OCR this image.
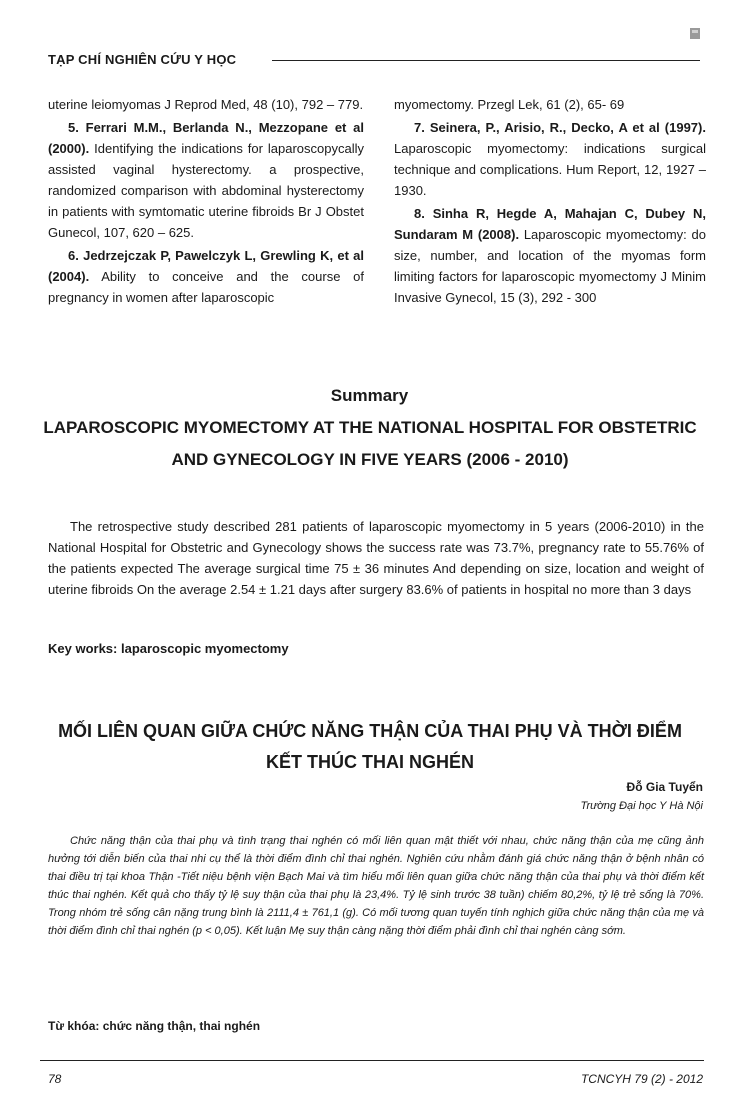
TẠP CHÍ NGHIÊN CỨU Y HỌC

uterine leiomyomas J Reprod Med, 48 (10), 792 – 779.

5. Ferrari M.M., Berlanda N., Mezzopane et al (2000). Identifying the indications for laparoscopycally assisted vaginal hysterectomy. a prospective, randomized comparison with abdominal hysterectomy in patients with symtomatic uterine fibroids Br J Obstet Gunecol, 107, 620 – 625.

6. Jedrzejczak P, Pawelczyk L, Grewling K, et al (2004). Ability to conceive and the course of pregnancy in women after laparoscopic

myomectomy. Przegl Lek, 61 (2), 65- 69

7. Seinera, P., Arisio, R., Decko, A et al (1997). Laparoscopic myomectomy: indications surgical technique and complications. Hum Report, 12, 1927 – 1930.

8. Sinha R, Hegde A, Mahajan C, Dubey N, Sundaram M (2008). Laparoscopic myomectomy: do size, number, and location of the myomas form limiting factors for laparoscopic myomectomy J Minim Invasive Gynecol, 15 (3), 292 - 300

Summary
LAPAROSCOPIC MYOMECTOMY AT THE NATIONAL HOSPITAL FOR OBSTETRIC AND GYNECOLOGY IN FIVE YEARS (2006 - 2010)

The retrospective study described 281 patients of laparoscopic myomectomy in 5 years (2006-2010) in the National Hospital for Obstetric and Gynecology shows the success rate was 73.7%, pregnancy rate to 55.76% of the patients expected The average surgical time 75 ± 36 minutes And depending on size, location and weight of uterine fibroids On the average 2.54 ± 1.21 days after surgery 83.6% of patients in hospital no more than 3 days

Key works: laparoscopic myomectomy
MỐI LIÊN QUAN GIỮA CHỨC NĂNG THẬN CỦA THAI PHỤ VÀ THỜI ĐIỂM KẾT THÚC THAI NGHÉN
Đỗ Gia Tuyển
Trường Đại học Y Hà Nội

Chức năng thận của thai phụ và tình trạng thai nghén có mối liên quan mật thiết với nhau, chức năng thận của mẹ cũng ảnh hưởng tới diễn biến của thai nhi cụ thể là thời điểm đình chỉ thai nghén. Nghiên cứu nhằm đánh giá chức năng thận ở bệnh nhân có thai điều trị tại khoa Thận -Tiết niệu bệnh viện Bạch Mai và tìm hiểu mối liên quan giữa chức năng thận của thai phụ và thời điểm kết thúc thai nghén. Kết quả cho thấy tỷ lệ suy thận của thai phụ là 23,4%. Tỷ lệ sinh trước 38 tuần) chiếm 80,2%, tỷ lệ trẻ sống là 70%. Trong nhóm trẻ sống cân nặng trung bình là 2111,4 ± 761,1 (g). Có mối tương quan tuyến tính nghịch giữa chức năng thận của mẹ và thời điểm đình chỉ thai nghén (p < 0,05). Kết luận Mẹ suy thận càng nặng thời điểm phải đình chỉ thai nghén càng sớm.

Từ khóa: chức năng thận, thai nghén
78	TCNCYH 79 (2) - 2012
